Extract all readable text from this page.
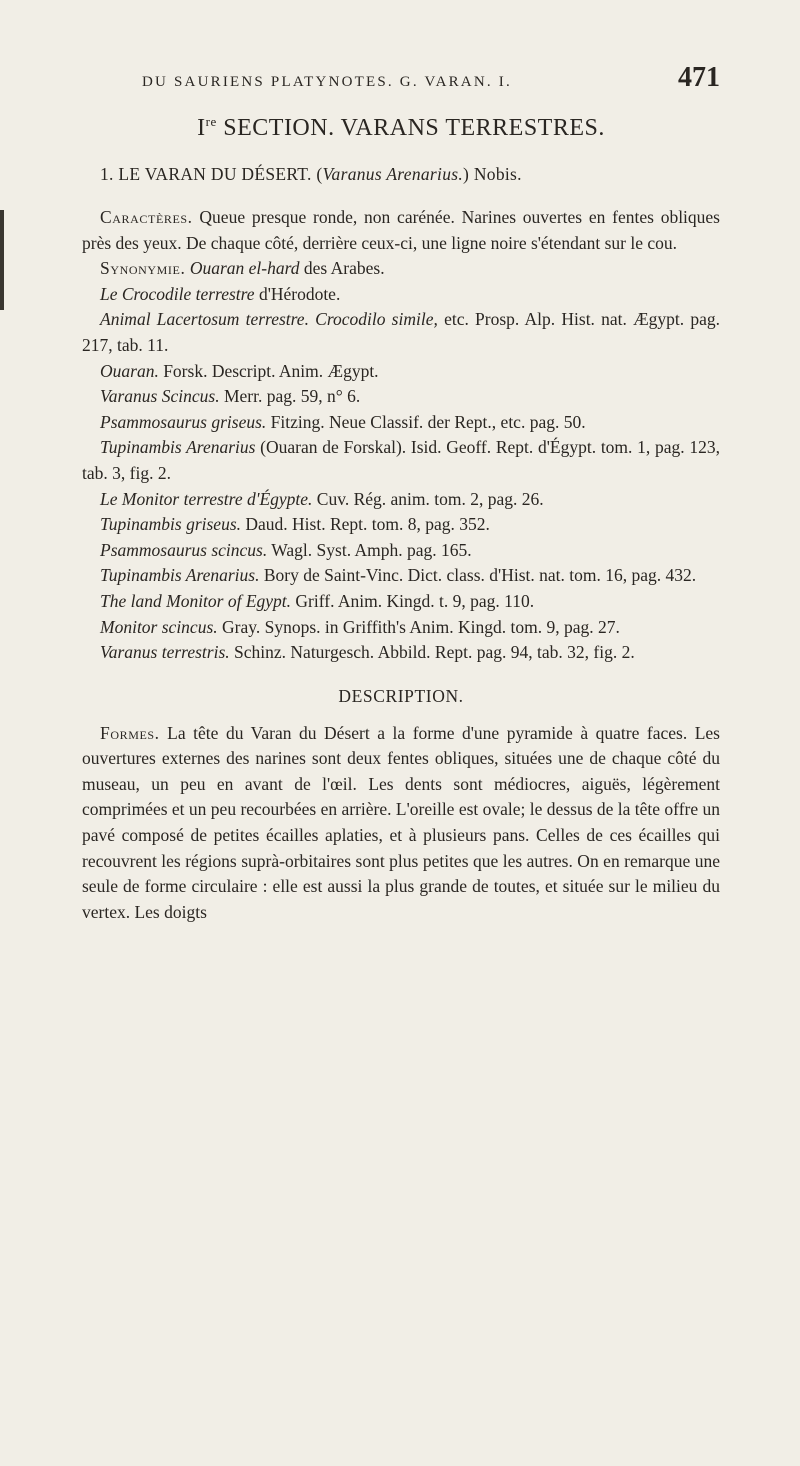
DU SAURIENS PLATYNOTES. G. VARAN. I.	471
Ire SECTION. VARANS TERRESTRES.
1. LE VARAN DU DÉSERT. (Varanus Arenarius.) Nobis.

Caractères. Queue presque ronde, non carénée. Narines ouvertes en fentes obliques près des yeux. De chaque côté, derrière ceux-ci, une ligne noire s'étendant sur le cou.

Synonymie. Ouaran el-hard des Arabes.

Le Crocodile terrestre d'Hérodote.

Animal Lacertosum terrestre. Crocodilo simile, etc. Prosp. Alp. Hist. nat. Ægypt. pag. 217, tab. 11.

Ouaran. Forsk. Descript. Anim. Ægypt.

Varanus Scincus. Merr. pag. 59, n° 6.

Psammosaurus griseus. Fitzing. Neue Classif. der Rept., etc. pag. 50.

Tupinambis Arenarius (Ouaran de Forskal). Isid. Geoff. Rept. d'Égypt. tom. 1, pag. 123, tab. 3, fig. 2.

Le Monitor terrestre d'Égypte. Cuv. Rég. anim. tom. 2, pag. 26.

Tupinambis griseus. Daud. Hist. Rept. tom. 8, pag. 352.

Psammosaurus scincus. Wagl. Syst. Amph. pag. 165.

Tupinambis Arenarius. Bory de Saint-Vinc. Dict. class. d'Hist. nat. tom. 16, pag. 432.

The land Monitor of Egypt. Griff. Anim. Kingd. t. 9, pag. 110.

Monitor scincus. Gray. Synops. in Griffith's Anim. Kingd. tom. 9, pag. 27.

Varanus terrestris. Schinz. Naturgesch. Abbild. Rept. pag. 94, tab. 32, fig. 2.

DESCRIPTION.

Formes. La tête du Varan du Désert a la forme d'une pyramide à quatre faces. Les ouvertures externes des narines sont deux fentes obliques, situées une de chaque côté du museau, un peu en avant de l'œil. Les dents sont médiocres, aiguës, légèrement comprimées et un peu recourbées en arrière. L'oreille est ovale; le dessus de la tête offre un pavé composé de petites écailles aplaties, et à plusieurs pans. Celles de ces écailles qui recouvrent les régions suprà-orbitaires sont plus petites que les autres. On en remarque une seule de forme circulaire : elle est aussi la plus grande de toutes, et située sur le milieu du vertex. Les doigts
